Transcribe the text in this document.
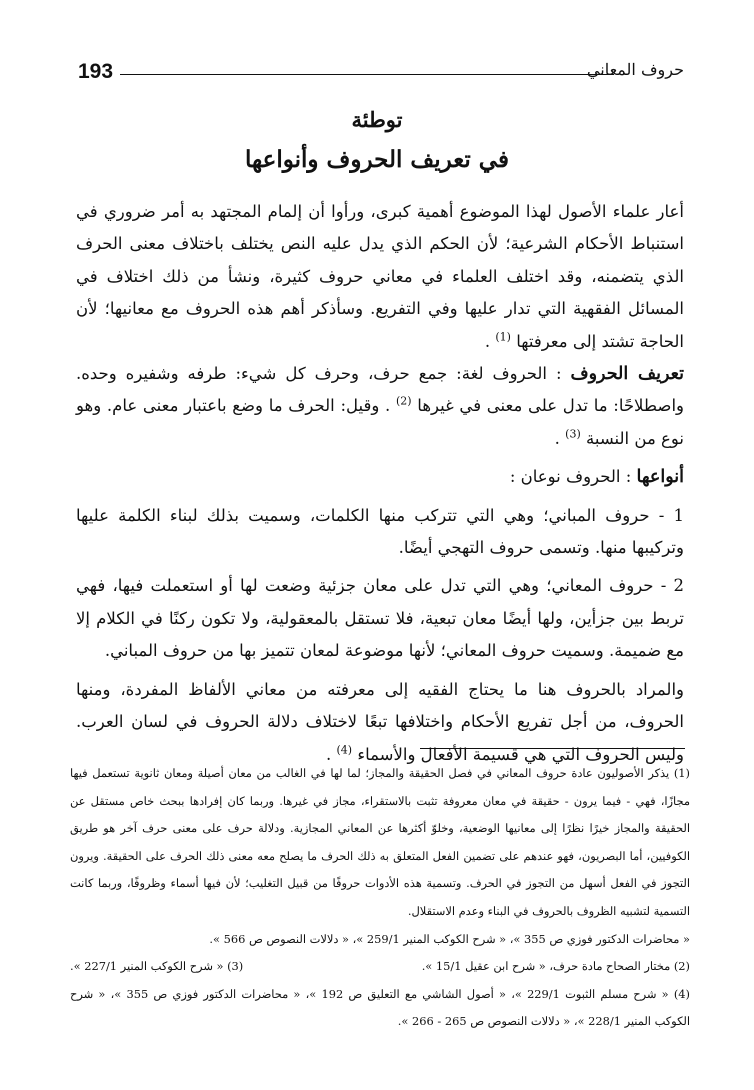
193	حروف المعاني
توطئة
في تعريف الحروف وأنواعها

أعار علماء الأصول لهذا الموضوع أهمية كبرى، ورأوا أن إلمام المجتهد به أمر ضروري في استنباط الأحكام الشرعية؛ لأن الحكم الذي يدل عليه النص يختلف باختلاف معنى الحرف الذي يتضمنه، وقد اختلف العلماء في معاني حروف كثيرة، ونشأ من ذلك اختلاف في المسائل الفقهية التي تدار عليها وفي التفريع. وسأذكر أهم هذه الحروف مع معانيها؛ لأن الحاجة تشتد إلى معرفتها $^{(1)}$ .

تعريف الحروف : الحروف لغة: جمع حرف، وحرف كل شيء: طرفه وشفيره وحده. واصطلاحًا: ما تدل على معنى في غيرها $^{(2)}$ . وقيل: الحرف ما وضع باعتبار معنى عام. وهو نوع من النسبة $^{(3)}$ .

أنواعها : الحروف نوعان :

1 - حروف المباني؛ وهي التي تتركب منها الكلمات، وسميت بذلك لبناء الكلمة عليها وتركيبها منها. وتسمى حروف التهجي أيضًا.

2 - حروف المعاني؛ وهي التي تدل على معان جزئية وضعت لها أو استعملت فيها، فهي تربط بين جزأين، ولها أيضًا معان تبعية، فلا تستقل بالمعقولية، ولا تكون ركنًا في الكلام إلا مع ضميمة. وسميت حروف المعاني؛ لأنها موضوعة لمعان تتميز بها من حروف المباني.

والمراد بالحروف هنا ما يحتاج الفقيه إلى معرفته من معاني الألفاظ المفردة، ومنها الحروف، من أجل تفريع الأحكام واختلافها تبعًا لاختلاف دلالة الحروف في لسان العرب. وليس الحروف التي هي قسيمة الأفعال والأسماء $^{(4)}$ .

(1) يذكر الأصوليون عادة حروف المعاني في فصل الحقيقة والمجاز؛ لما لها في الغالب من معان أصيلة ومعان ثانوية تستعمل فيها مجازًا، فهي - فيما يرون - حقيقة في معان معروفة تثبت بالاستقراء، مجاز في غيرها. وربما كان إفرادها ببحث خاص مستقل عن الحقيقة والمجاز خيرًا نظرًا إلى معانيها الوضعية، وخلوّ أكثرها عن المعاني المجازية. ودلالة حرف على معنى حرف آخر هو طريق الكوفيين، أما البصريون، فهو عندهم على تضمين الفعل المتعلق به ذلك الحرف ما يصلح معه معنى ذلك الحرف على الحقيقة. ويرون التجوز في الفعل أسهل من التجوز في الحرف. وتسمية هذه الأدوات حروفًا من قبيل التغليب؛ لأن فيها أسماء وظروفًا، وربما كانت التسمية لتشبيه الظروف بالحروف في البناء وعدم الاستقلال.

« محاضرات الدكتور فوزي ص 355 »، « شرح الكوكب المنير 259/1 »، « دلالات النصوص ص 566 ».

(2) مختار الصحاح مادة حرف، « شرح ابن عقيل 15/1 ».
(3) « شرح الكوكب المنير 227/1 ».

(4) « شرح مسلم الثبوت 229/1 »، « أصول الشاشي مع التعليق ص 192 »، « محاضرات الدكتور فوزي ص 355 »، « شرح الكوكب المنير 228/1 »، « دلالات النصوص ص 265 - 266 ».
